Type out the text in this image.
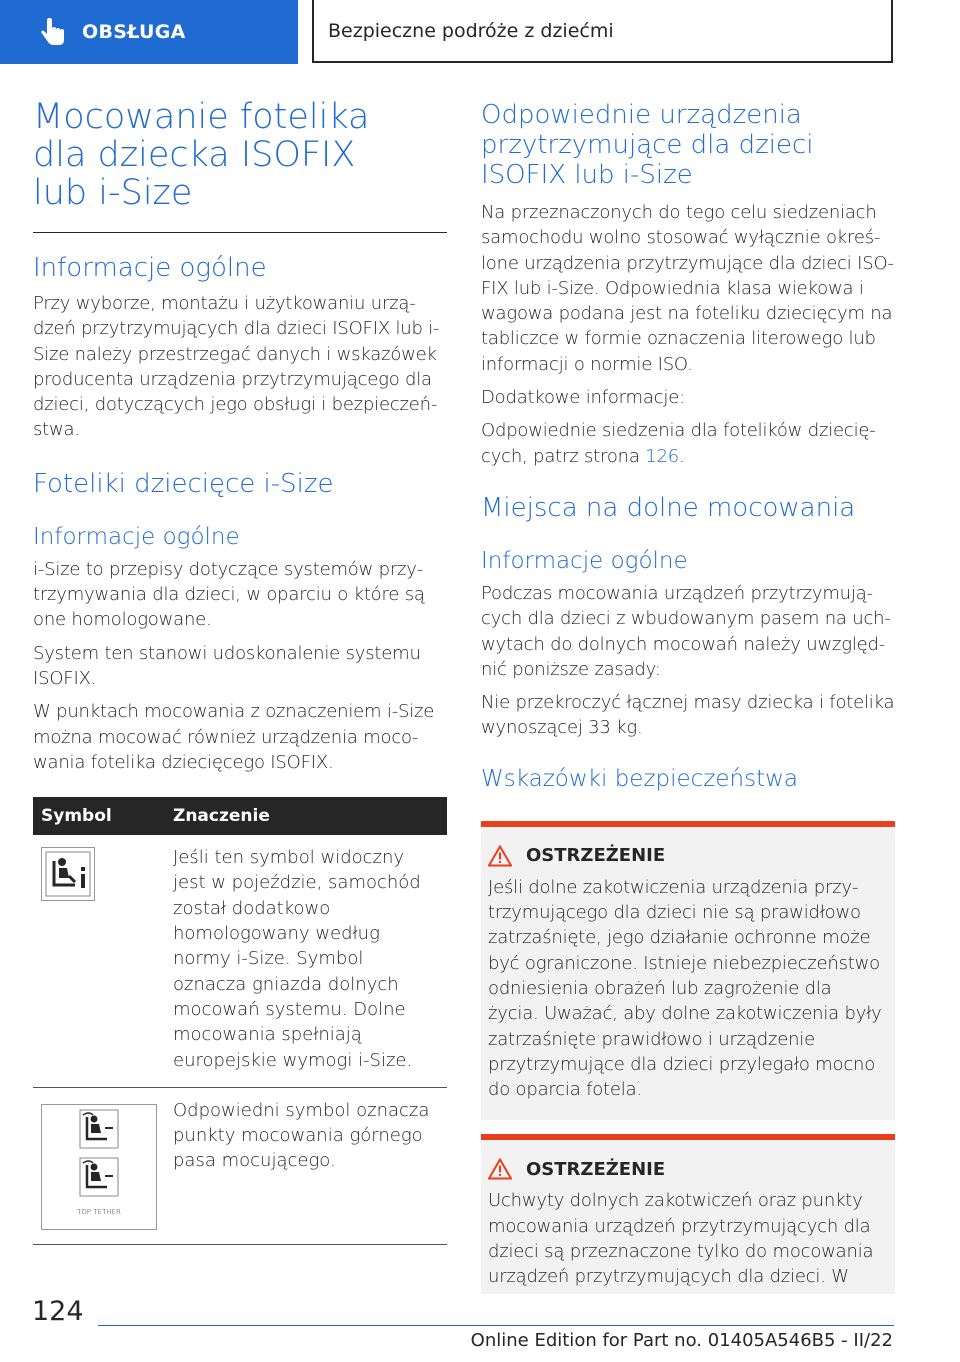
OBSŁUGA	Bezpieczne podróże z dziećmi
Mocowanie fotelika dla dziecka ISOFIX lub i-Size
Informacje ogólne

Przy wyborze, montażu i użytkowaniu urządzeń przytrzymujących dla dzieci ISOFIX lub i-Size należy przestrzegać danych i wskazówek producenta urządzenia przytrzymującego dla dzieci, dotyczących jego obsługi i bezpieczeństwa.

Foteliki dziecięce i-Size
Informacje ogólne

i-Size to przepisy dotyczące systemów przytrzymywania dla dzieci, w oparciu o które są one homologowane.

System ten stanowi udoskonalenie systemu ISOFIX.

W punktach mocowania z oznaczeniem i-Size można mocować również urządzenia mocowania fotelika dziecięcego ISOFIX.

Symbol	Znaczenie

	Jeśli ten symbol widoczny jest w pojeździe, samochód został dodatkowo homologowany według normy i-Size. Symbol oznacza gniazda dolnych mocowań systemu. Dolne mocowania spełniają europejskie wymogi i-Size.

TOP TETHER	Odpowiedni symbol oznacza punkty mocowania górnego pasa mocującego.
Odpowiednie urządzenia przytrzymujące dla dzieci ISOFIX lub i-Size

Na przeznaczonych do tego celu siedzeniach samochodu wolno stosować wyłącznie określone urządzenia przytrzymujące dla dzieci ISOFIX lub i-Size. Odpowiednia klasa wiekowa i wagowa podana jest na foteliku dziecięcym na tabliczce w formie oznaczenia literowego lub informacji o normie ISO.

Dodatkowe informacje:

Odpowiednie siedzenia dla fotelików dziecięcych, patrz strona 126.

Miejsca na dolne mocowania
Informacje ogólne

Podczas mocowania urządzeń przytrzymujących dla dzieci z wbudowanym pasem na uchwytach do dolnych mocowań należy uwzględnić poniższe zasady:

Nie przekroczyć łącznej masy dziecka i fotelika wynoszącej 33 kg.

Wskazówki bezpieczeństwa
OSTRZEŻENIE

Jeśli dolne zakotwiczenia urządzenia przytrzymującego dla dzieci nie są prawidłowo zatrzaśnięte, jego działanie ochronne może być ograniczone. Istnieje niebezpieczeństwo odniesienia obrażeń lub zagrożenie dla życia. Uważać, aby dolne zakotwiczenia były zatrzaśnięte prawidłowo i urządzenie przytrzymujące dla dzieci przylegało mocno do oparcia fotela.

OSTRZEŻENIE

Uchwyty dolnych zakotwiczeń oraz punkty mocowania urządzeń przytrzymujących dla dzieci są przeznaczone tylko do mocowania urządzeń przytrzymujących dla dzieci. W

124
Online Edition for Part no. 01405A546B5 - II/22
